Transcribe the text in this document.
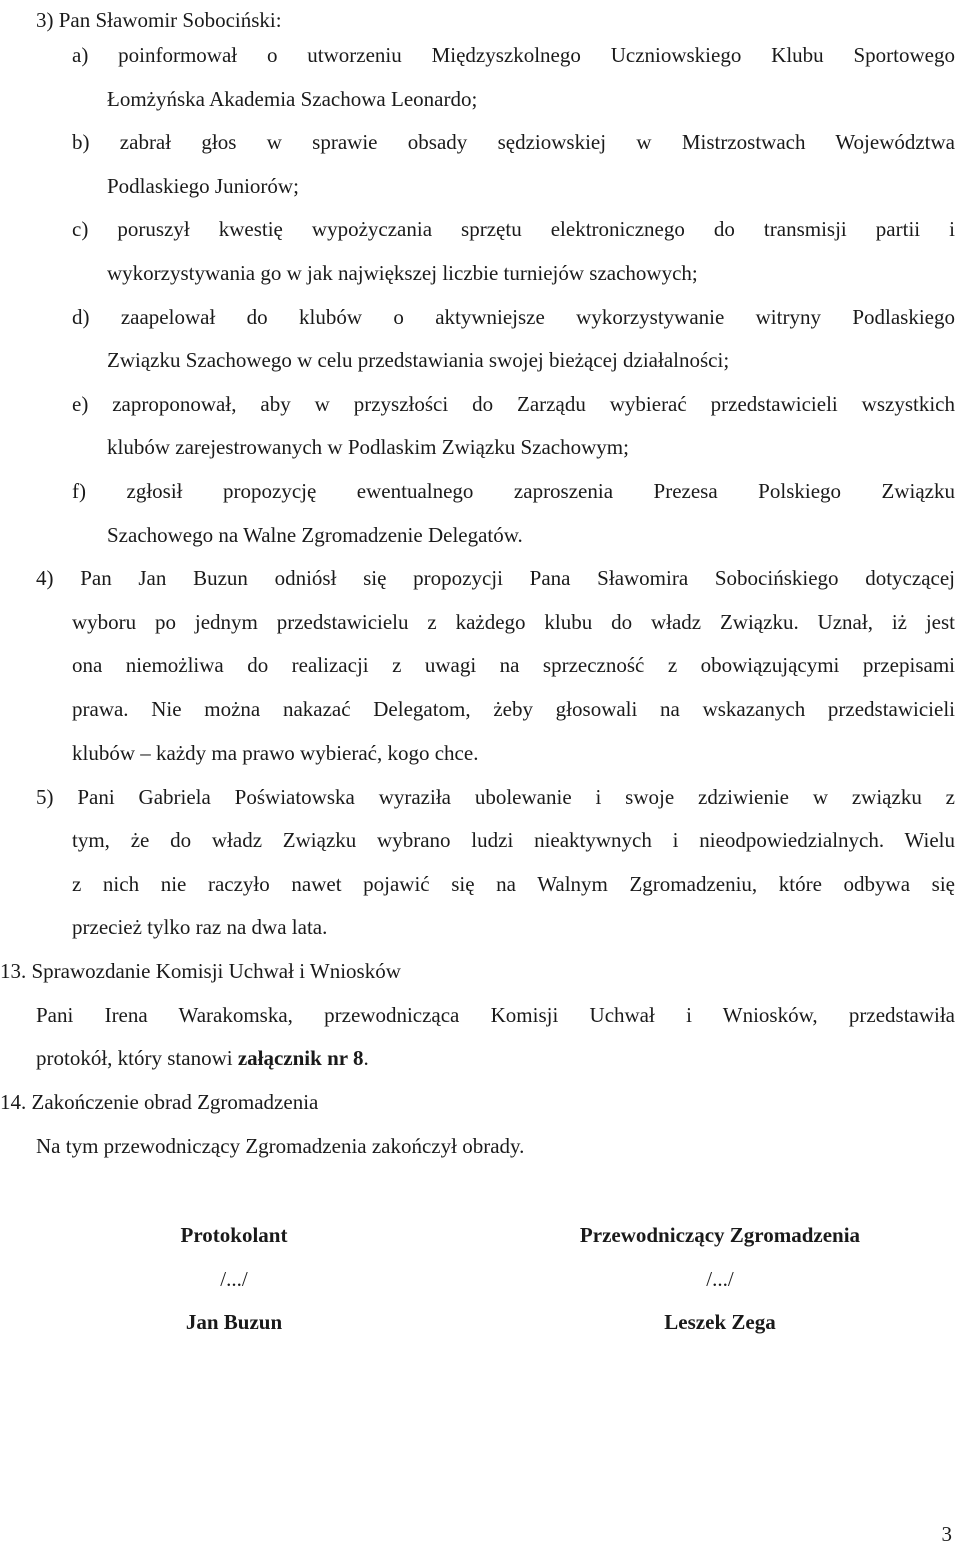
3) Pan Sławomir Sobociński:
a) poinformował o utworzeniu Międzyszkolnego Uczniowskiego Klubu Sportowego
Łomżyńska Akademia Szachowa Leonardo;
b) zabrał głos w sprawie obsady sędziowskiej w Mistrzostwach Województwa
Podlaskiego Juniorów;
c) poruszył kwestię wypożyczania sprzętu elektronicznego do transmisji partii i
wykorzystywania go w jak największej liczbie turniejów szachowych;
d) zaapelował do klubów o aktywniejsze wykorzystywanie witryny Podlaskiego
Związku Szachowego w celu przedstawiania swojej bieżącej działalności;
e) zaproponował, aby w przyszłości do Zarządu wybierać przedstawicieli wszystkich
klubów zarejestrowanych w Podlaskim Związku Szachowym;
f) zgłosił propozycję ewentualnego zaproszenia Prezesa Polskiego Związku
Szachowego na Walne Zgromadzenie Delegatów.
4) Pan Jan Buzun odniósł się propozycji Pana Sławomira Sobocińskiego dotyczącej
wyboru po jednym przedstawicielu z każdego klubu do władz Związku. Uznał, iż jest
ona niemożliwa do realizacji z uwagi na sprzeczność z obowiązującymi przepisami
prawa. Nie można nakazać Delegatom, żeby głosowali na wskazanych przedstawicieli
klubów – każdy ma prawo wybierać, kogo chce.
5) Pani Gabriela Poświatowska wyraziła ubolewanie i swoje zdziwienie w związku z
tym, że do władz Związku wybrano ludzi nieaktywnych i nieodpowiedzialnych. Wielu
z nich nie raczyło nawet pojawić się na Walnym Zgromadzeniu, które odbywa się
przecież tylko raz na dwa lata.
13. Sprawozdanie Komisji Uchwał i Wniosków
Pani Irena Warakomska, przewodnicząca Komisji Uchwał i Wniosków, przedstawiła
protokół, który stanowi załącznik nr 8.
14. Zakończenie obrad Zgromadzenia
Na tym przewodniczący Zgromadzenia zakończył obrady.
Protokolant
/.../
Jan Buzun
Przewodniczący Zgromadzenia
/.../
Leszek Zega
3
